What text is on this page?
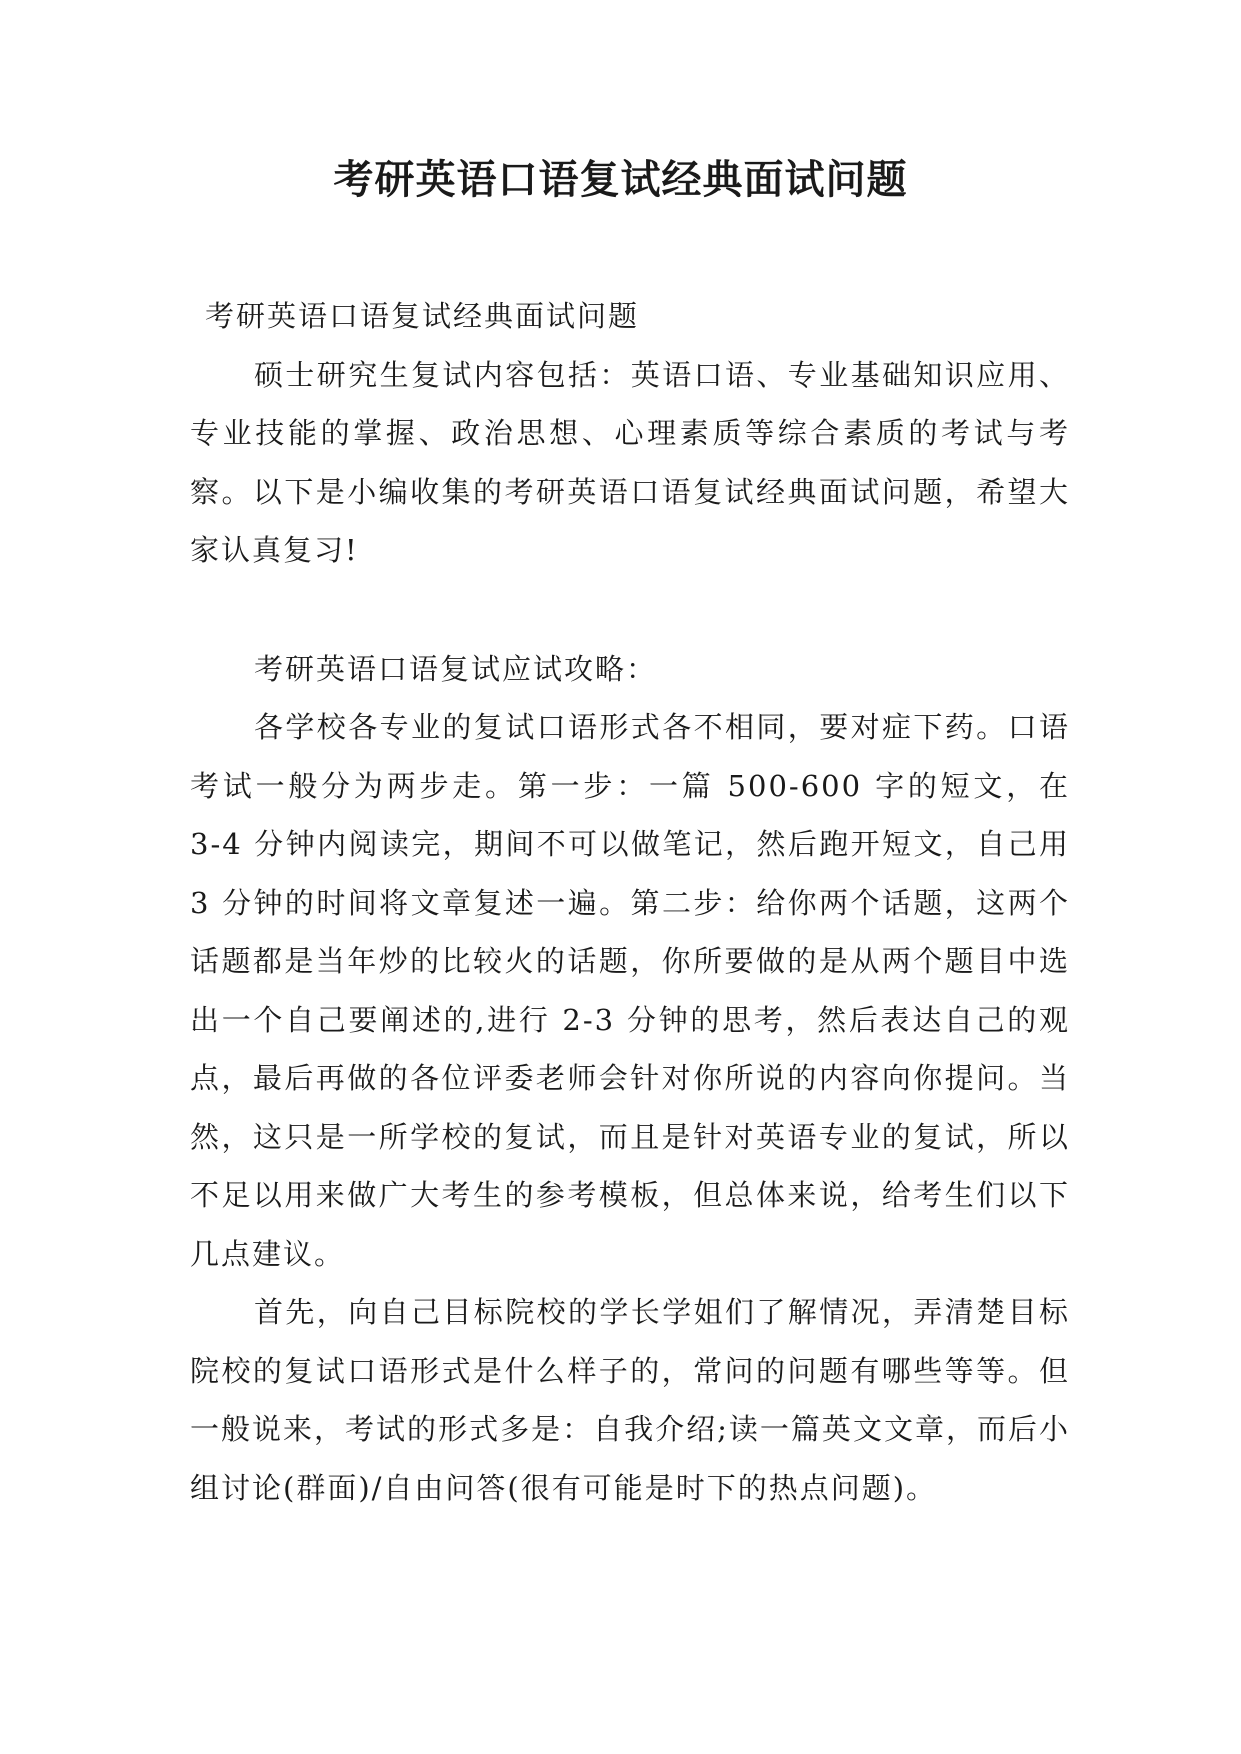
考研英语口语复试经典面试问题

考研英语口语复试经典面试问题

硕士研究生复试内容包括：英语口语、专业基础知识应用、专业技能的掌握、政治思想、心理素质等综合素质的考试与考察。以下是小编收集的考研英语口语复试经典面试问题，希望大家认真复习!

考研英语口语复试应试攻略：

各学校各专业的复试口语形式各不相同，要对症下药。口语考试一般分为两步走。第一步：一篇 500-600 字的短文，在 3-4 分钟内阅读完，期间不可以做笔记，然后跑开短文，自己用 3 分钟的时间将文章复述一遍。第二步：给你两个话题，这两个话题都是当年炒的比较火的话题，你所要做的是从两个题目中选出一个自己要阐述的,进行 2-3 分钟的思考，然后表达自己的观点，最后再做的各位评委老师会针对你所说的内容向你提问。当然，这只是一所学校的复试，而且是针对英语专业的复试，所以不足以用来做广大考生的参考模板，但总体来说，给考生们以下几点建议。

首先，向自己目标院校的学长学姐们了解情况，弄清楚目标院校的复试口语形式是什么样子的，常问的问题有哪些等等。但一般说来，考试的形式多是：自我介绍;读一篇英文文章，而后小组讨论(群面)/自由问答(很有可能是时下的热点问题)。
